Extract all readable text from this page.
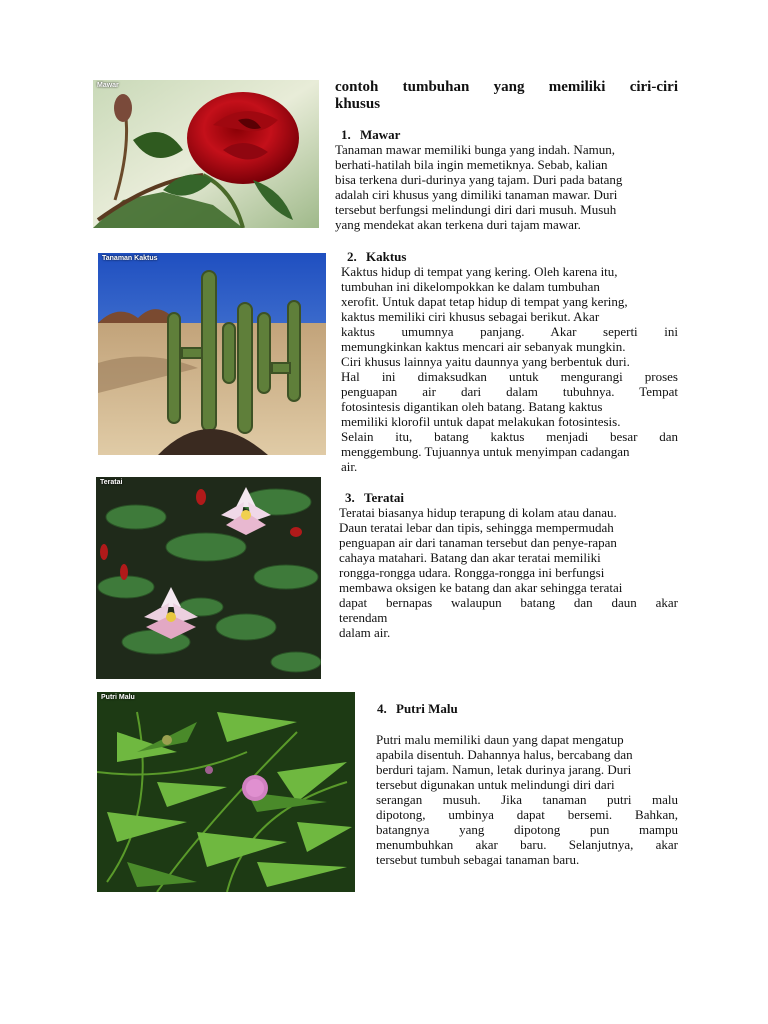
contoh tumbuhan yang memiliki ciri-ciri
khusus
Mawar
1. Mawar
Tanaman mawar memiliki bunga yang indah. Namun,
berhati-hatilah bila ingin memetiknya. Sebab, kalian
bisa terkena duri-durinya yang tajam. Duri pada batang
adalah ciri khusus yang dimiliki tanaman mawar. Duri
tersebut berfungsi melindungi diri dari musuh. Musuh
yang mendekat akan terkena duri tajam mawar.
Tanaman Kaktus	2. Kaktus
Kaktus hidup di tempat yang kering. Oleh karena itu,
tumbuhan ini dikelompokkan ke dalam tumbuhan
xerofit. Untuk dapat tetap hidup di tempat yang kering,
kaktus memiliki ciri khusus sebagai berikut. Akar
kaktus umumnya panjang. Akar seperti ini
memungkinkan kaktus mencari air sebanyak mungkin.
Ciri khusus lainnya yaitu daunnya yang berbentuk duri.
Hal ini dimaksudkan untuk mengurangi proses
penguapan air dari dalam tubuhnya. Tempat
fotosintesis digantikan oleh batang. Batang kaktus
memiliki klorofil untuk dapat melakukan fotosintesis.
Selain itu, batang kaktus menjadi besar dan
menggembung. Tujuannya untuk menyimpan cadangan
air.
Teratai
3. Teratai
Teratai biasanya hidup terapung di kolam atau danau.
Daun teratai lebar dan tipis, sehingga mempermudah
penguapan air dari tanaman tersebut dan penye-rapan
cahaya matahari. Batang dan akar teratai memiliki
rongga-rongga udara. Rongga-rongga ini berfungsi
membawa oksigen ke batang dan akar sehingga teratai
dapat bernapas walaupun batang dan daun akar
terendam
dalam air.
Putri Malu
4. Putri Malu
Putri malu memiliki daun yang dapat mengatup
apabila disentuh. Dahannya halus, bercabang dan
berduri tajam. Namun, letak durinya jarang. Duri
tersebut digunakan untuk melindungi diri dari
serangan musuh. Jika tanaman putri malu
dipotong, umbinya dapat bersemi. Bahkan,
batangnya yang dipotong pun mampu
menumbuhkan akar baru. Selanjutnya, akar
tersebut tumbuh sebagai tanaman baru.
